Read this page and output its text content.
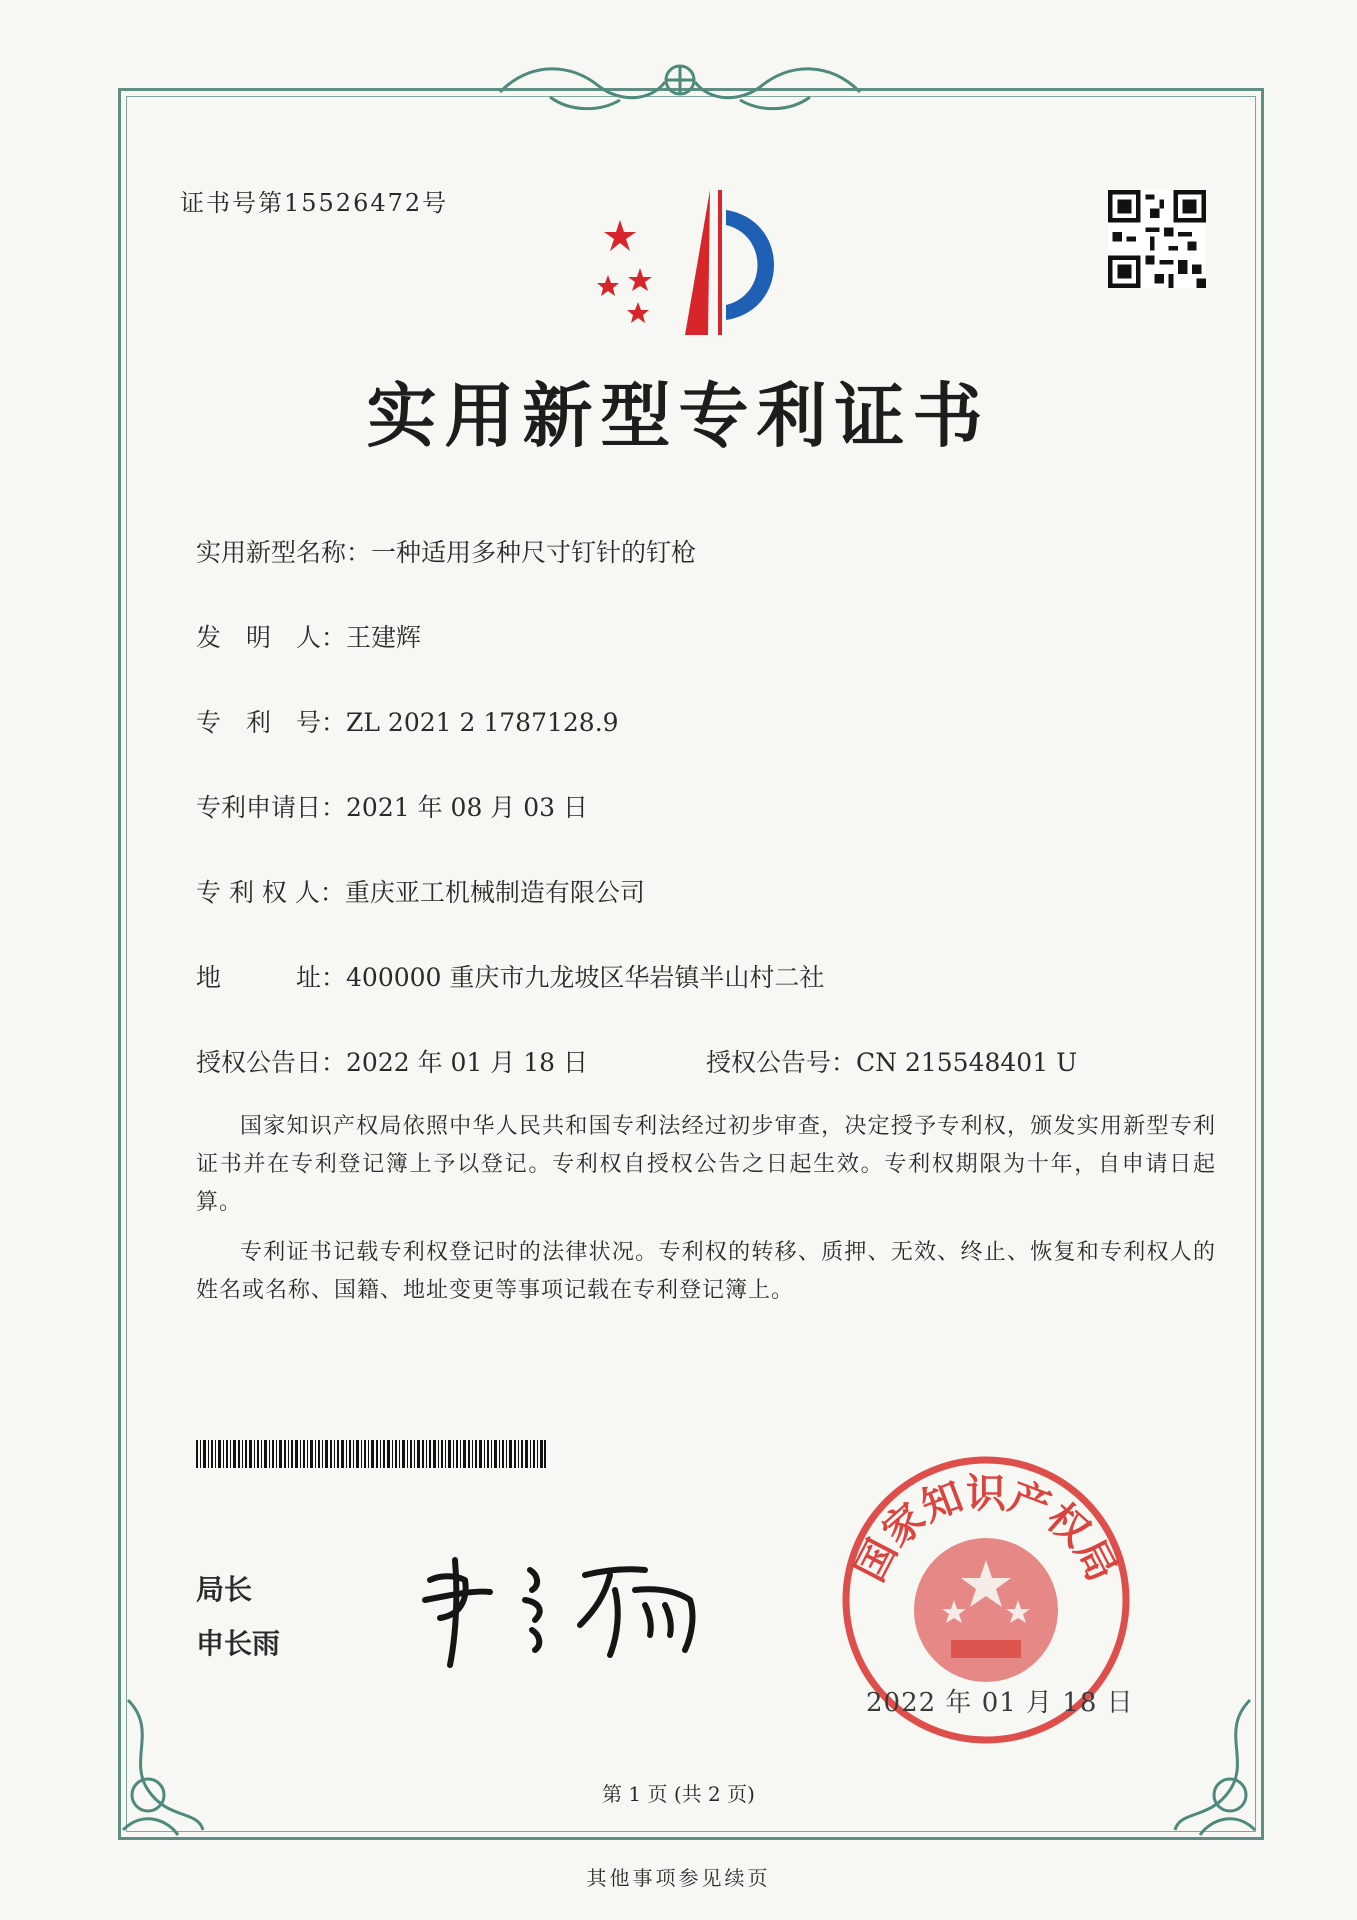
证书号第15526472号
实用新型专利证书
实用新型名称：一种适用多种尺寸钉针的钉枪
发　明　人：王建辉
专　利　号：ZL 2021 2 1787128.9
专利申请日：2021 年 08 月 03 日
专 利 权 人：重庆亚工机械制造有限公司
地　　　址：400000 重庆市九龙坡区华岩镇半山村二社
授权公告日：2022 年 01 月 18 日	授权公告号：CN 215548401 U
国家知识产权局依照中华人民共和国专利法经过初步审查，决定授予专利权，颁发实用新型专利证书并在专利登记簿上予以登记。专利权自授权公告之日起生效。专利权期限为十年，自申请日起算。
专利证书记载专利权登记时的法律状况。专利权的转移、质押、无效、终止、恢复和专利权人的姓名或名称、国籍、地址变更等事项记载在专利登记簿上。
局长
申长雨
国家知识产权局
2022 年 01 月 18 日
第 1 页 (共 2 页)
其他事项参见续页
